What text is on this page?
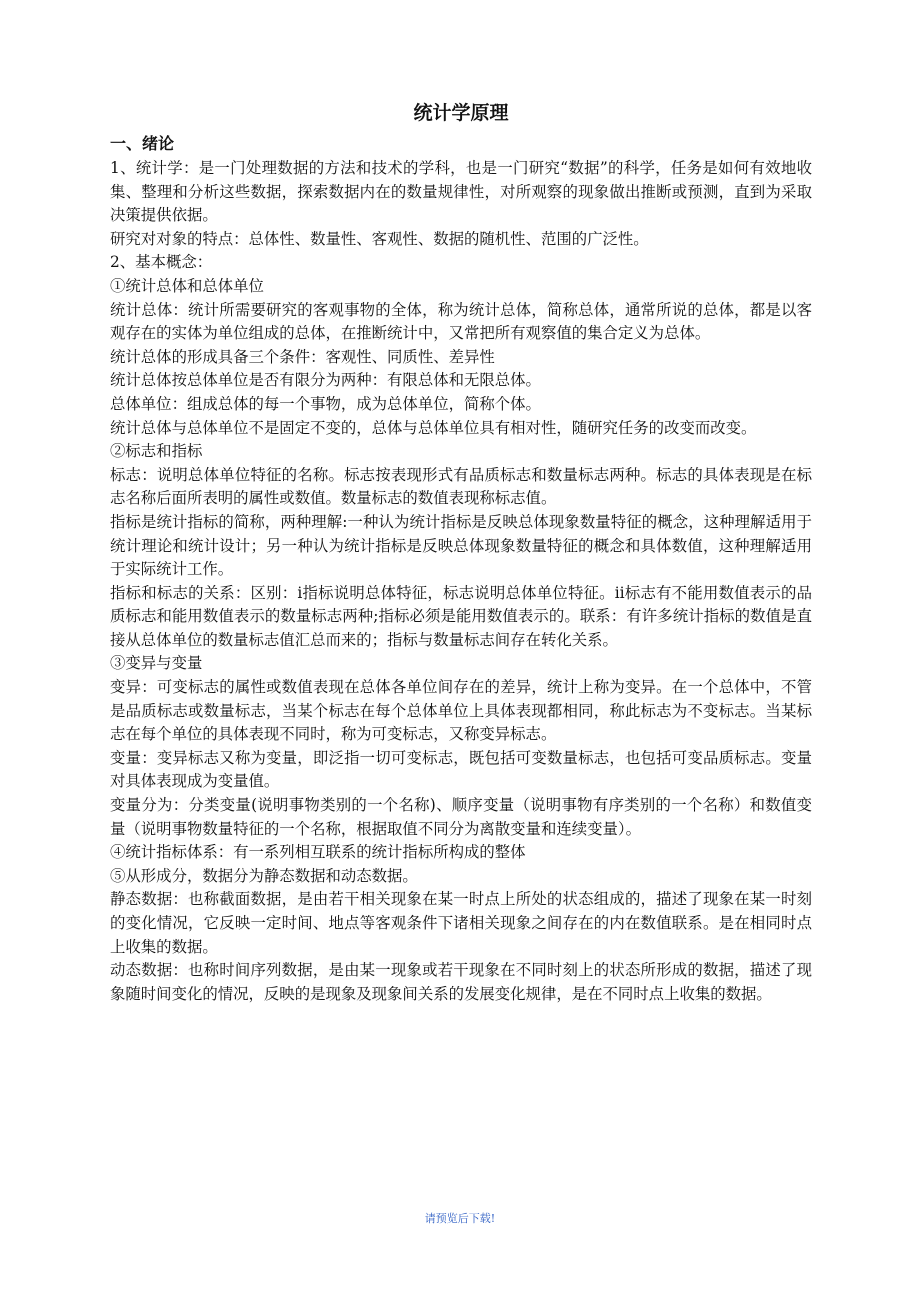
统计学原理
一、绪论

1、统计学：是一门处理数据的方法和技术的学科，也是一门研究“数据”的科学，任务是如何有效地收集、整理和分析这些数据，探索数据内在的数量规律性，对所观察的现象做出推断或预测，直到为采取决策提供依据。

研究对对象的特点：总体性、数量性、客观性、数据的随机性、范围的广泛性。

2、基本概念：

①统计总体和总体单位

统计总体：统计所需要研究的客观事物的全体，称为统计总体，简称总体，通常所说的总体，都是以客观存在的实体为单位组成的总体，在推断统计中，又常把所有观察值的集合定义为总体。

统计总体的形成具备三个条件：客观性、同质性、差异性

统计总体按总体单位是否有限分为两种：有限总体和无限总体。

总体单位：组成总体的每一个事物，成为总体单位，简称个体。

统计总体与总体单位不是固定不变的，总体与总体单位具有相对性，随研究任务的改变而改变。

②标志和指标

标志：说明总体单位特征的名称。标志按表现形式有品质标志和数量标志两种。标志的具体表现是在标志名称后面所表明的属性或数值。数量标志的数值表现称标志值。

指标是统计指标的简称，两种理解:一种认为统计指标是反映总体现象数量特征的概念，这种理解适用于统计理论和统计设计；另一种认为统计指标是反映总体现象数量特征的概念和具体数值，这种理解适用于实际统计工作。

指标和标志的关系：区别：ⅰ指标说明总体特征，标志说明总体单位特征。ⅱ标志有不能用数值表示的品质标志和能用数值表示的数量标志两种;指标必须是能用数值表示的。联系：有许多统计指标的数值是直接从总体单位的数量标志值汇总而来的；指标与数量标志间存在转化关系。

③变异与变量

变异：可变标志的属性或数值表现在总体各单位间存在的差异，统计上称为变异。在一个总体中，不管是品质标志或数量标志，当某个标志在每个总体单位上具体表现都相同，称此标志为不变标志。当某标志在每个单位的具体表现不同时，称为可变标志，又称变异标志。

变量：变异标志又称为变量，即泛指一切可变标志，既包括可变数量标志，也包括可变品质标志。变量对具体表现成为变量值。

变量分为：分类变量(说明事物类别的一个名称)、顺序变量（说明事物有序类别的一个名称）和数值变量（说明事物数量特征的一个名称，根据取值不同分为离散变量和连续变量）。

④统计指标体系：有一系列相互联系的统计指标所构成的整体

⑤从形成分，数据分为静态数据和动态数据。

静态数据：也称截面数据，是由若干相关现象在某一时点上所处的状态组成的，描述了现象在某一时刻的变化情况，它反映一定时间、地点等客观条件下诸相关现象之间存在的内在数值联系。是在相同时点上收集的数据。

动态数据：也称时间序列数据，是由某一现象或若干现象在不同时刻上的状态所形成的数据，描述了现象随时间变化的情况，反映的是现象及现象间关系的发展变化规律，是在不同时点上收集的数据。

请预览后下载!
